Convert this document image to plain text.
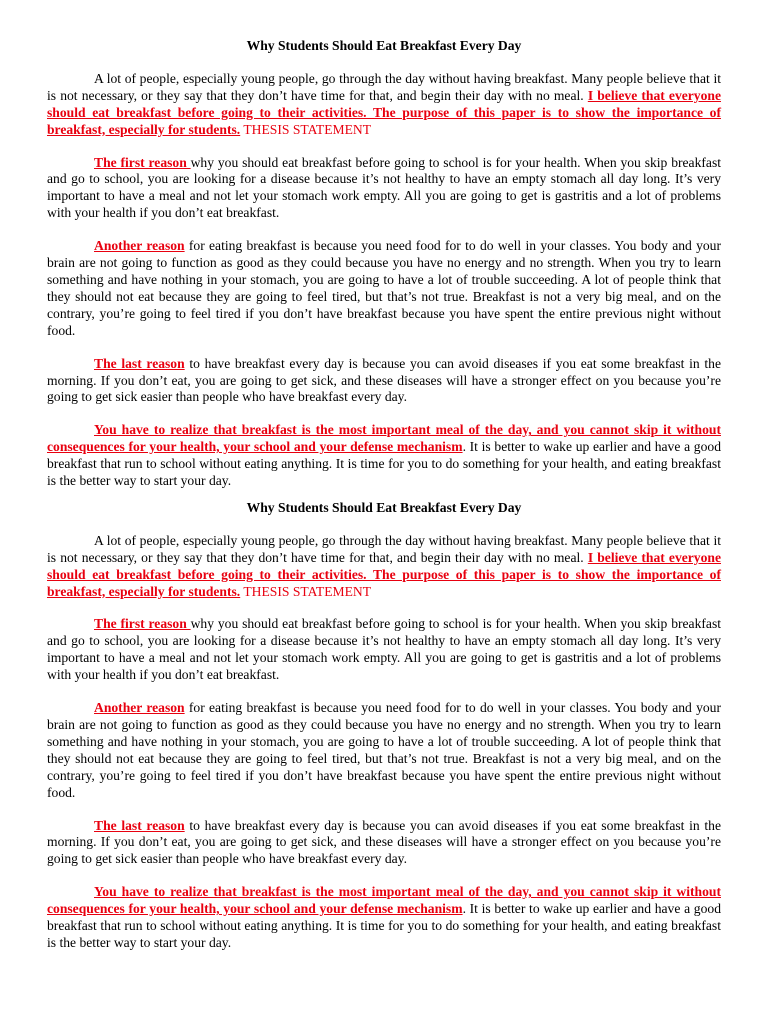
Why Students Should Eat Breakfast Every Day

A lot of people, especially young people, go through the day without having breakfast. Many people believe that it is not necessary, or they say that they don’t have time for that, and begin their day with no meal. I believe that everyone should eat breakfast before going to their activities. The purpose of this paper is to show the importance of breakfast, especially for students. THESIS STATEMENT

The first reason why you should eat breakfast before going to school is for your health. When you skip breakfast and go to school, you are looking for a disease because it’s not healthy to have an empty stomach all day long. It’s very important to have a meal and not let your stomach work empty. All you are going to get is gastritis and a lot of problems with your health if you don’t eat breakfast.

Another reason for eating breakfast is because you need food for to do well in your classes. You body and your brain are not going to function as good as they could because you have no energy and no strength. When you try to learn something and have nothing in your stomach, you are going to have a lot of trouble succeeding. A lot of people think that they should not eat because they are going to feel tired, but that’s not true. Breakfast is not a very big meal, and on the contrary, you’re going to feel tired if you don’t have breakfast because you have spent the entire previous night without food.

The last reason to have breakfast every day is because you can avoid diseases if you eat some breakfast in the morning. If you don’t eat, you are going to get sick, and these diseases will have a stronger effect on you because you’re going to get sick easier than people who have breakfast every day.

You have to realize that breakfast is the most important meal of the day, and you cannot skip it without consequences for your health, your school and your defense mechanism. It is better to wake up earlier and have a good breakfast that run to school without eating anything. It is time for you to do something for your health, and eating breakfast is the better way to start your day.

Why Students Should Eat Breakfast Every Day

A lot of people, especially young people, go through the day without having breakfast. Many people believe that it is not necessary, or they say that they don’t have time for that, and begin their day with no meal. I believe that everyone should eat breakfast before going to their activities. The purpose of this paper is to show the importance of breakfast, especially for students. THESIS STATEMENT

The first reason why you should eat breakfast before going to school is for your health. When you skip breakfast and go to school, you are looking for a disease because it’s not healthy to have an empty stomach all day long. It’s very important to have a meal and not let your stomach work empty. All you are going to get is gastritis and a lot of problems with your health if you don’t eat breakfast.

Another reason for eating breakfast is because you need food for to do well in your classes. You body and your brain are not going to function as good as they could because you have no energy and no strength. When you try to learn something and have nothing in your stomach, you are going to have a lot of trouble succeeding. A lot of people think that they should not eat because they are going to feel tired, but that’s not true. Breakfast is not a very big meal, and on the contrary, you’re going to feel tired if you don’t have breakfast because you have spent the entire previous night without food.

The last reason to have breakfast every day is because you can avoid diseases if you eat some breakfast in the morning. If you don’t eat, you are going to get sick, and these diseases will have a stronger effect on you because you’re going to get sick easier than people who have breakfast every day.

You have to realize that breakfast is the most important meal of the day, and you cannot skip it without consequences for your health, your school and your defense mechanism. It is better to wake up earlier and have a good breakfast that run to school without eating anything. It is time for you to do something for your health, and eating breakfast is the better way to start your day.
